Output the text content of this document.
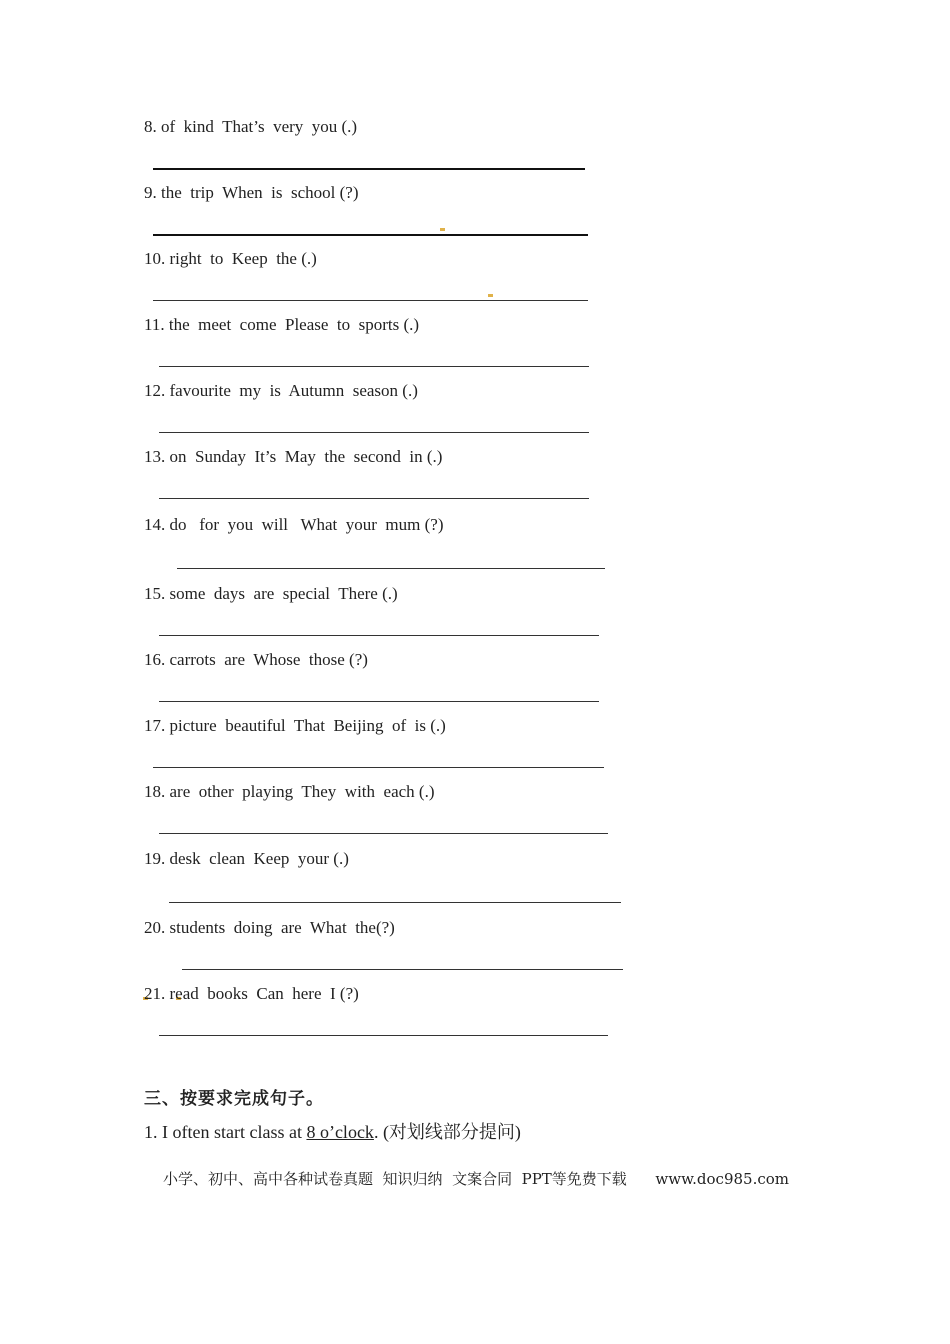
8. of  kind  That’s  very  you (.)
9. the  trip  When  is  school (?)
10. right  to  Keep  the (.)
11. the  meet  come  Please  to  sports (.)
12. favourite  my  is  Autumn  season (.)
13. on  Sunday  It’s  May  the  second  in (.)
14. do   for  you  will   What  your  mum (?)
15. some  days  are  special  There (.)
16. carrots  are  Whose  those (?)
17. picture  beautiful  That  Beijing  of  is (.)
18. are  other  playing  They  with  each (.)
19. desk  clean  Keep  your (.)
20. students  doing  are  What  the(?)
21. read  books  Can  here  I (?)
三、按要求完成句子。
1. I often start class at 8 o’clock. (对划线部分提问)
小学、初中、高中各种试卷真题  知识归纳  文案合同  PPT等免费下载 www.doc985.com
